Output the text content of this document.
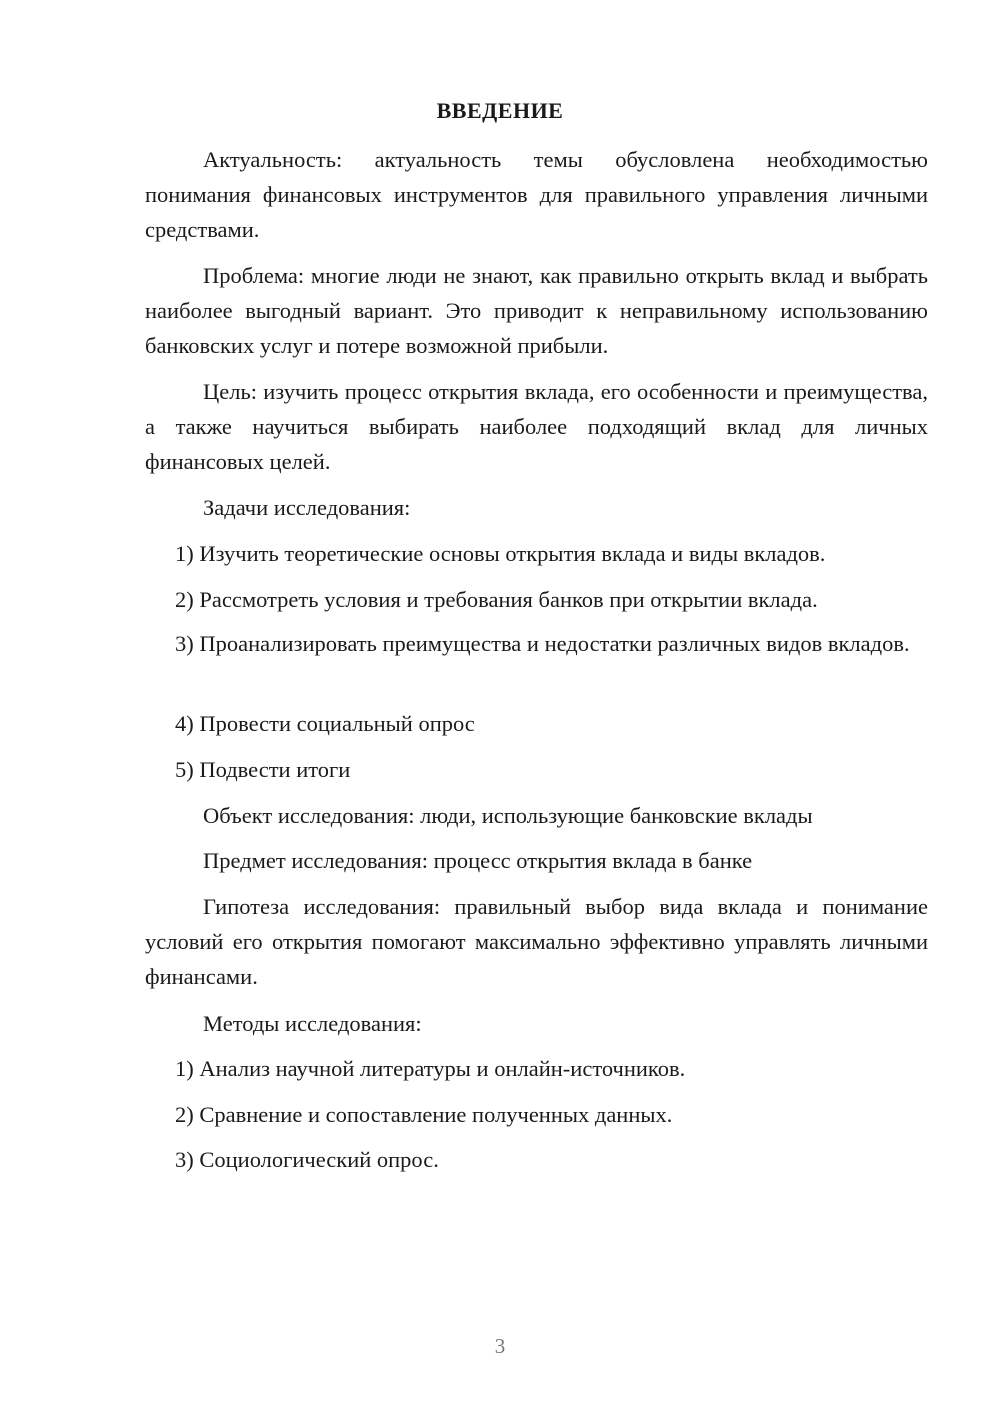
ВВЕДЕНИЕ

Актуальность: актуальность темы обусловлена необходимостью понимания финансовых инструментов для правильного управления личными средствами.

Проблема: многие люди не знают, как правильно открыть вклад и выбрать наиболее выгодный вариант. Это приводит к неправильному использованию банковских услуг и потере возможной прибыли.

Цель: изучить процесс открытия вклада, его особенности и преимущества, а также научиться выбирать наиболее подходящий вклад для личных финансовых целей.

Задачи исследования:

1) Изучить теоретические основы открытия вклада и виды вкладов.

2) Рассмотреть условия и требования банков при открытии вклада.

3) Проанализировать преимущества и недостатки различных видов вкладов.

4) Провести социальный опрос

5) Подвести итоги

Объект исследования: люди, использующие банковские вклады

Предмет исследования: процесс открытия вклада в банке

Гипотеза исследования: правильный выбор вида вклада и понимание условий его открытия помогают максимально эффективно управлять личными финансами.

Методы исследования:

1) Анализ научной литературы и онлайн-источников.

2) Сравнение и сопоставление полученных данных.

3) Социологический опрос.

3
